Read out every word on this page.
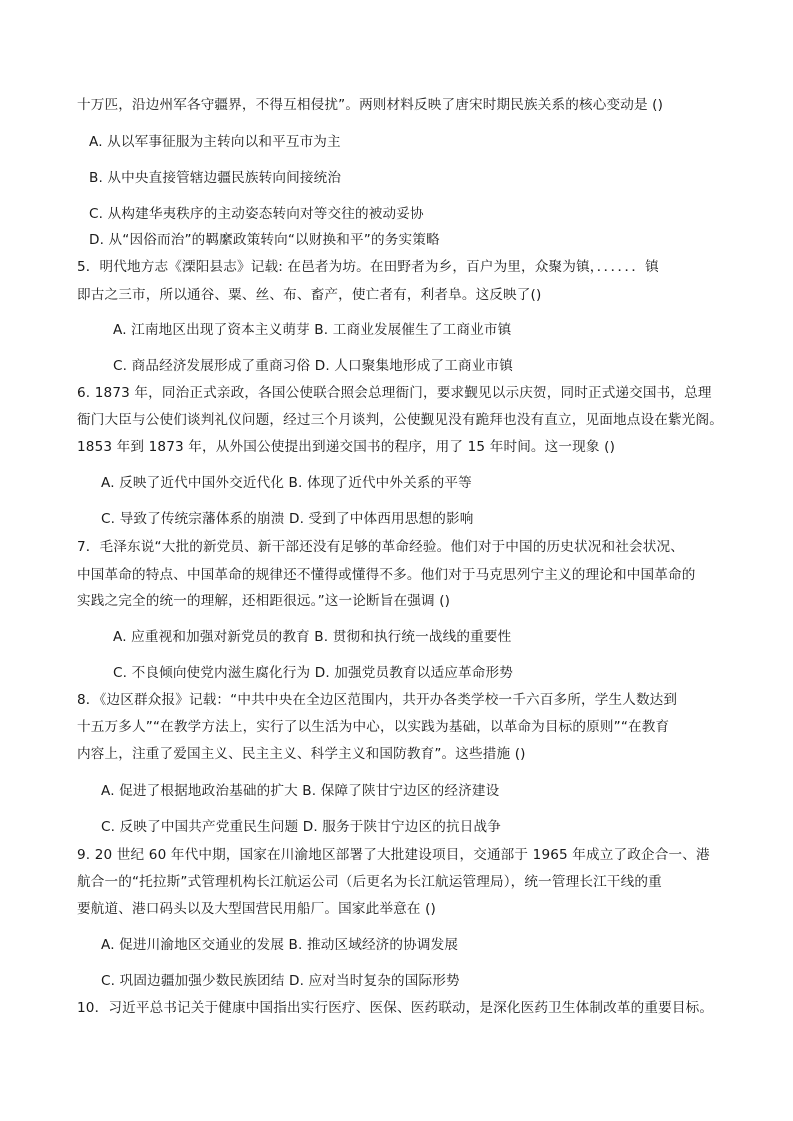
十万匹，沿边州军各守疆界，不得互相侵扰”。两则材料反映了唐宋时期民族关系的核心变动是 ()

A. 从以军事征服为主转向以和平互市为主

B. 从中央直接管辖边疆民族转向间接统治

C. 从构建华夷秩序的主动姿态转向对等交往的被动妥协

D. 从“因俗而治”的羁縻政策转向“以财换和平”的务实策略

5．明代地方志《溧阳县志》记载: 在邑者为坊。在田野者为乡，百户为里，众聚为镇，．．．．．．镇

即古之三市，所以通谷、粟、丝、布、畜产，使亡者有，利者阜。这反映了()

A. 江南地区出现了资本主义萌芽 B. 工商业发展催生了工商业市镇

C. 商品经济发展形成了重商习俗 D. 人口聚集地形成了工商业市镇

6. 1873 年，同治正式亲政，各国公使联合照会总理衙门，要求觐见以示庆贺，同时正式递交国书，总理

衙门大臣与公使们谈判礼仪问题，经过三个月谈判，公使觐见没有跪拜也没有直立，见面地点设在紫光阁。

1853 年到 1873 年，从外国公使提出到递交国书的程序，用了 15 年时间。这一现象 ()

A. 反映了近代中国外交近代化 B. 体现了近代中外关系的平等

C. 导致了传统宗藩体系的崩溃 D. 受到了中体西用思想的影响

7．毛泽东说“大批的新党员、新干部还没有足够的革命经验。他们对于中国的历史状况和社会状况、

中国革命的特点、中国革命的规律还不懂得或懂得不多。他们对于马克思列宁主义的理论和中国革命的

实践之完全的统一的理解，还相距很远。”这一论断旨在强调 ()

A. 应重视和加强对新党员的教育 B. 贯彻和执行统一战线的重要性

C. 不良倾向使党内滋生腐化行为 D. 加强党员教育以适应革命形势

8．《边区群众报》记载：“中共中央在全边区范围内，共开办各类学校一千六百多所，学生人数达到

十五万多人”“在教学方法上，实行了以生活为中心，以实践为基础，以革命为目标的原则”“在教育

内容上，注重了爱国主义、民主主义、科学主义和国防教育”。这些措施 ()

A. 促进了根据地政治基础的扩大 B. 保障了陕甘宁边区的经济建设

C. 反映了中国共产党重民生问题 D. 服务于陕甘宁边区的抗日战争

9. 20 世纪 60 年代中期，国家在川渝地区部署了大批建设项目，交通部于 1965 年成立了政企合一、港

航合一的“托拉斯”式管理机构长江航运公司（后更名为长江航运管理局），统一管理长江干线的重

要航道、港口码头以及大型国营民用船厂。国家此举意在 ()

A. 促进川渝地区交通业的发展 B. 推动区域经济的协调发展

C. 巩固边疆加强少数民族团结 D. 应对当时复杂的国际形势

10．习近平总书记关于健康中国指出实行医疗、医保、医药联动，是深化医药卫生体制改革的重要目标。
